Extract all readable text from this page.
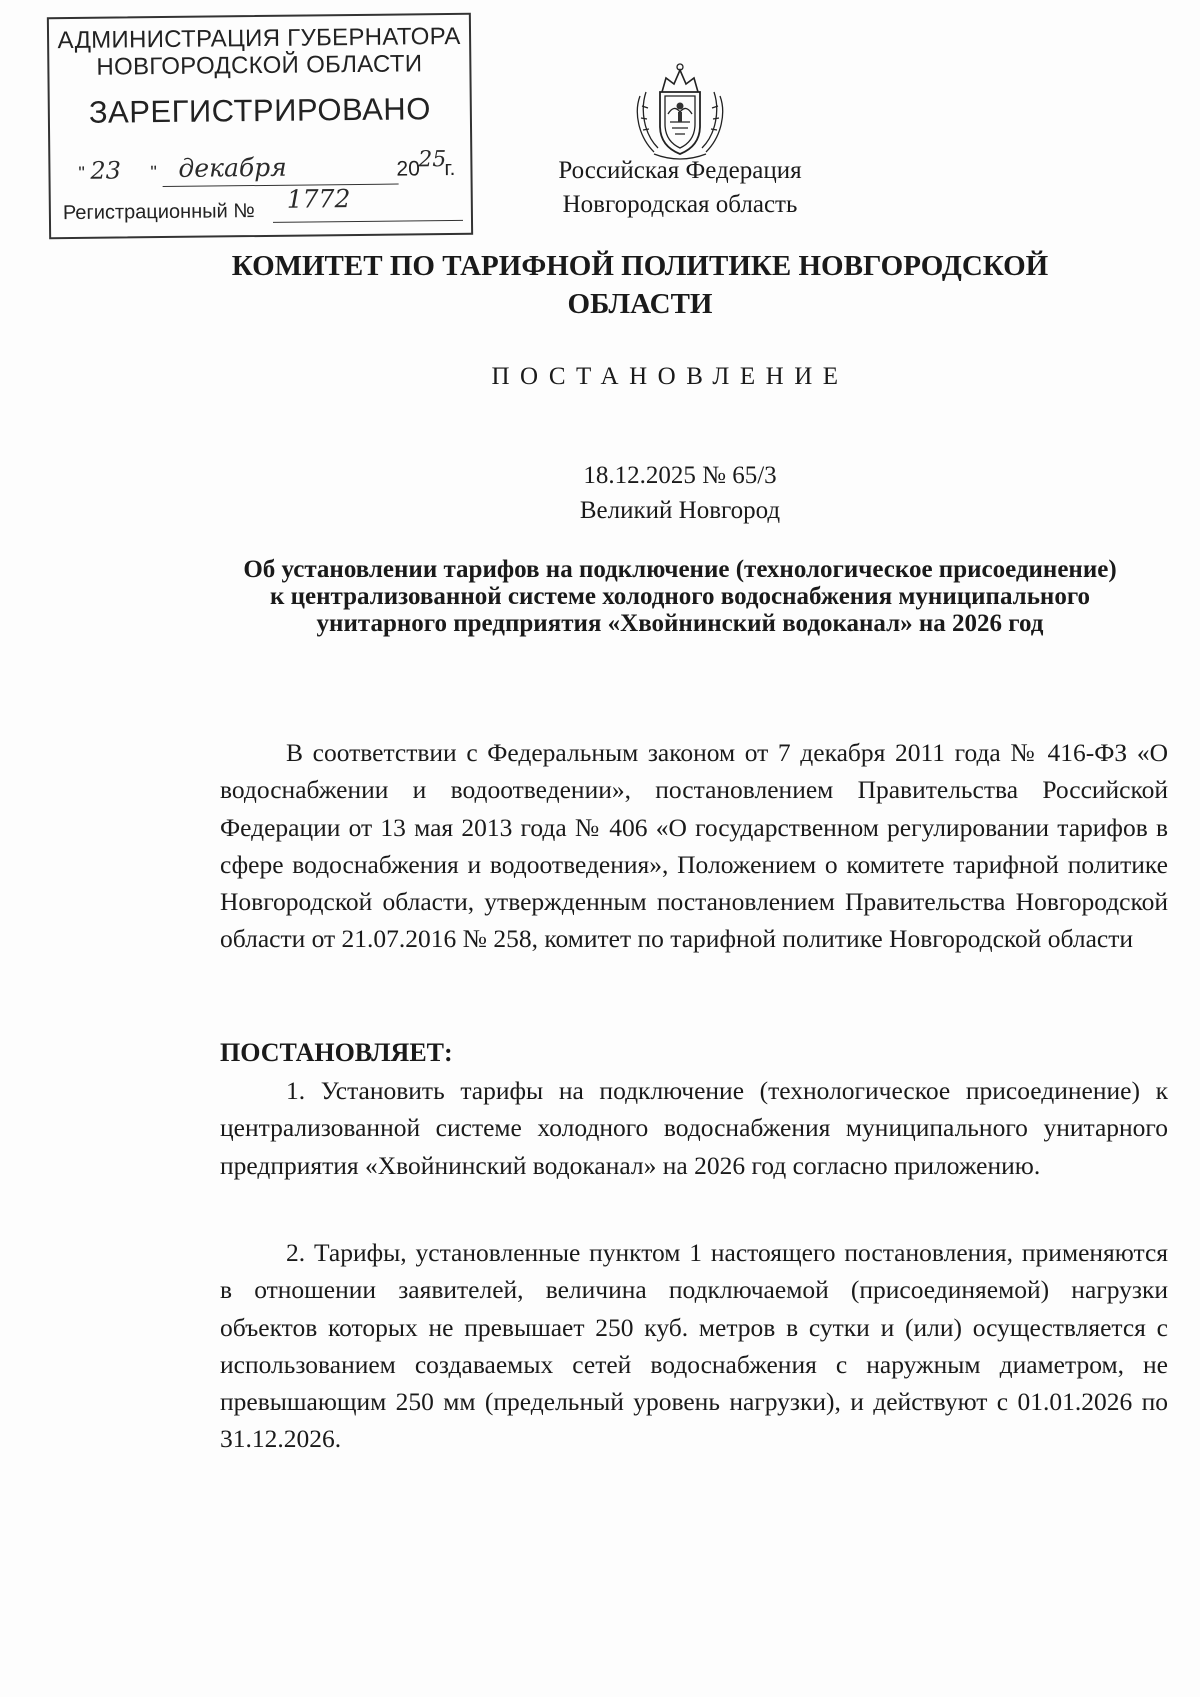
АДМИНИСТРАЦИЯ ГУБЕРНАТОРА
НОВГОРОДСКОЙ ОБЛАСТИ
ЗАРЕГИСТРИРОВАНО
" 23 " декабря	20
25
г.
Регистрационный № 1772
Российская Федерация
Новгородская область
КОМИТЕТ ПО ТАРИФНОЙ ПОЛИТИКЕ НОВГОРОДСКОЙ ОБЛАСТИ
ПОСТАНОВЛЕНИЕ
18.12.2025 № 65/3
Великий Новгород
Об установлении тарифов на подключение (технологическое присоединение) к централизованной системе холодного водоснабжения муниципального унитарного предприятия «Хвойнинский водоканал» на 2026 год

В соответствии с Федеральным законом от 7 декабря 2011 года № 416-ФЗ «О водоснабжении и водоотведении», постановлением Правительства Российской Федерации от 13 мая 2013 года № 406 «О государственном регулировании тарифов в сфере водоснабжения и водоотведения», Положением о комитете тарифной политике Новгородской области, утвержденным постановлением Правительства Новгородской области от 21.07.2016 № 258, комитет по тарифной политике Новгородской области

ПОСТАНОВЛЯЕТ:

1. Установить тарифы на подключение (технологическое присоединение) к централизованной системе холодного водоснабжения муниципального унитарного предприятия «Хвойнинский водоканал» на 2026 год согласно приложению.

2. Тарифы, установленные пунктом 1 настоящего постановления, применяются в отношении заявителей, величина подключаемой (присоединяемой) нагрузки объектов которых не превышает 250 куб. метров в сутки и (или) осуществляется с использованием создаваемых сетей водоснабжения с наружным диаметром, не превышающим 250 мм (предельный уровень нагрузки), и действуют с 01.01.2026 по 31.12.2026.
